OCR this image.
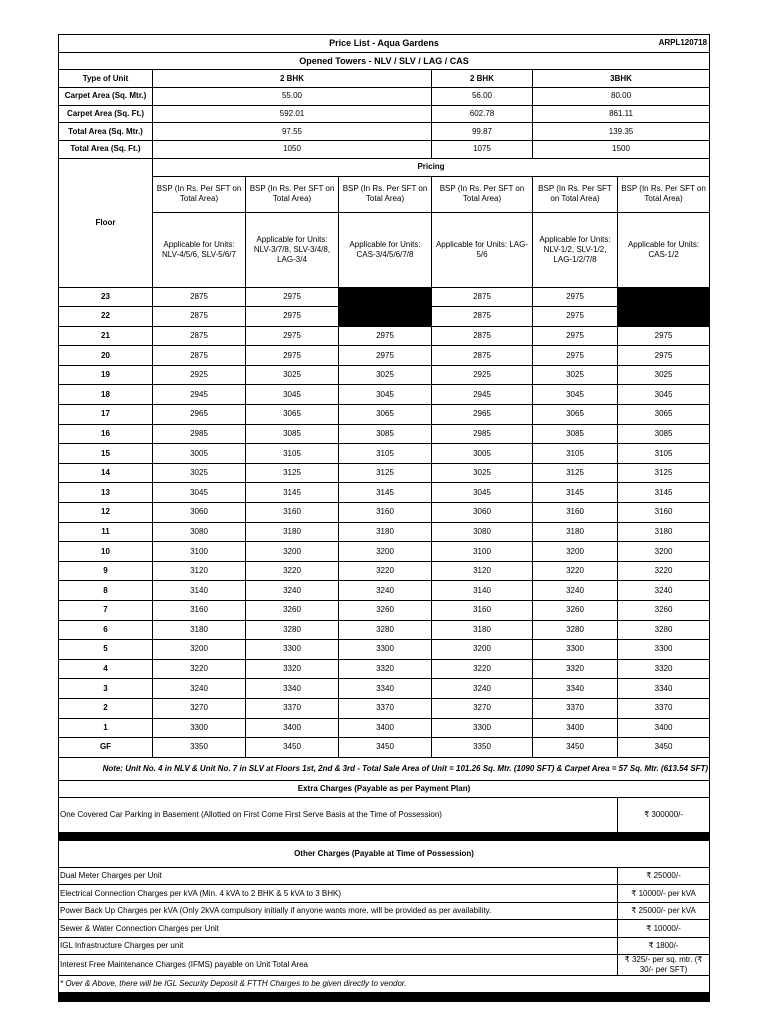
Price List - Aqua Gardens ARPL120718						

Opened Towers - NLV / SLV / LAG / CAS						
Type of Unit	2 BHK			2 BHK	3BHK	
Carpet Area (Sq. Mtr.)	55.00			56.00	80.00	
Carpet Area (Sq. Ft.)	592.01			602.78	861.11	
Total Area (Sq. Mtr.)	97.55			99.87	139.35	
Total Area (Sq. Ft.)	1050			1075	1500	
Floor	Pricing					
	BSP (In Rs. Per SFT on Total Area)	BSP (In Rs. Per SFT on Total Area)	BSP (In Rs. Per SFT on Total Area)	BSP (In Rs. Per SFT on Total Area)	BSP (In Rs. Per SFT on Total Area)	BSP (In Rs. Per SFT on Total Area)
	Applicable for Units: NLV-4/5/6, SLV-5/6/7	Applicable for Units: NLV-3/7/8, SLV-3/4/8, LAG-3/4	Applicable for Units: CAS-3/4/5/6/7/8	Applicable for Units: LAG-5/6	Applicable for Units: NLV-1/2, SLV-1/2, LAG-1/2/7/8	Applicable for Units: CAS-1/2
23	2875	2975		2875	2975	
22	2875	2975		2875	2975	
21	2875	2975	2975	2875	2975	2975
20	2875	2975	2975	2875	2975	2975
19	2925	3025	3025	2925	3025	3025
18	2945	3045	3045	2945	3045	3045
17	2965	3065	3065	2965	3065	3065
16	2985	3085	3085	2985	3085	3085
15	3005	3105	3105	3005	3105	3105
14	3025	3125	3125	3025	3125	3125
13	3045	3145	3145	3045	3145	3145
12	3060	3160	3160	3060	3160	3160
11	3080	3180	3180	3080	3180	3180
10	3100	3200	3200	3100	3200	3200
9	3120	3220	3220	3120	3220	3220
8	3140	3240	3240	3140	3240	3240
7	3160	3260	3260	3160	3260	3260
6	3180	3280	3280	3180	3280	3280
5	3200	3300	3300	3200	3300	3300
4	3220	3320	3320	3220	3320	3320
3	3240	3340	3340	3240	3340	3340
2	3270	3370	3370	3270	3370	3370
1	3300	3400	3400	3300	3400	3400
GF	3350	3450	3450	3350	3450	3450
Note: Unit No. 4 in NLV & Unit No. 7 in SLV at Floors 1st, 2nd & 3rd - Total Sale Area of Unit = 101.26 Sq. Mtr. (1090 SFT) & Carpet Area = 57 Sq. Mtr. (613.54 SFT)						
Extra Charges (Payable as per Payment Plan)						
One Covered Car Parking in Basement (Allotted on First Come First Serve Basis at the Time of Possession)						₹ 300000/-

Other Charges (Payable at Time of Possession)						
Dual Meter Charges per Unit						₹ 25000/-
Electrical Connection Charges per kVA (Min. 4 kVA to 2 BHK & 5 kVA to 3 BHK)						₹ 10000/- per kVA
Power Back Up Charges per kVA (Only 2kVA compulsory initially if anyone wants more, will be provided as per availability.						₹ 25000/- per kVA
Sewer & Water Connection Charges per Unit						₹ 10000/-
IGL Infrastructure Charges per unit						₹ 1800/-
Interest Free Maintenance Charges (IFMS) payable on Unit Total Area						₹ 325/- per sq. mtr. (₹ 30/- per SFT)
* Over & Above, there will be IGL Security Deposit & FTTH Charges to be given directly to vendor.						
